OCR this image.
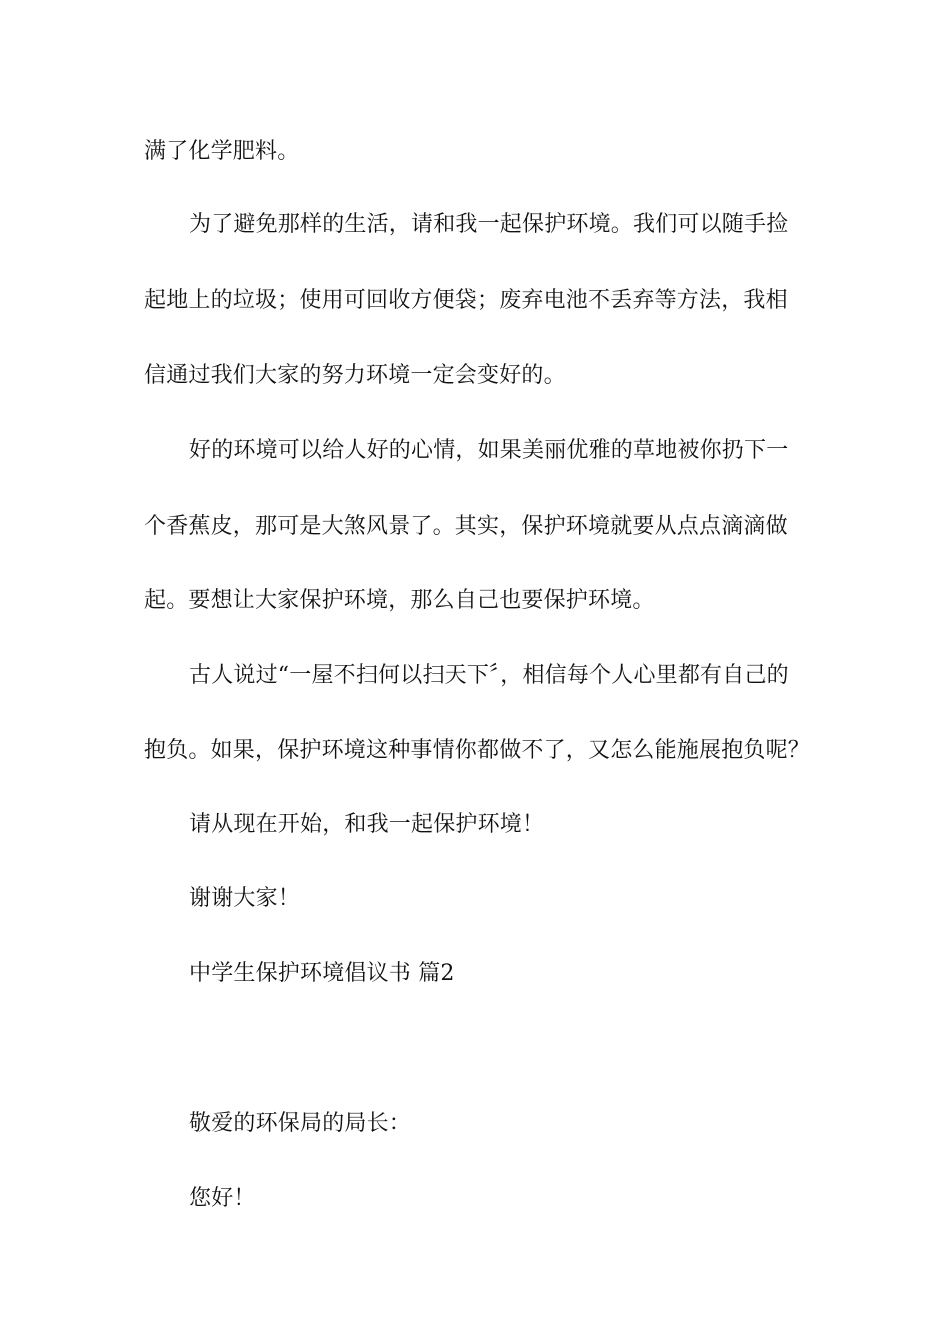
满了化学肥料。
为了避免那样的生活，请和我一起保护环境。我们可以随手捡
起地上的垃圾；使用可回收方便袋；废弃电池不丢弃等方法，我相
信通过我们大家的努力环境一定会变好的。
好的环境可以给人好的心情，如果美丽优雅的草地被你扔下一
个香蕉皮，那可是大煞风景了。其实，保护环境就要从点点滴滴做
起。要想让大家保护环境，那么自己也要保护环境。
古人说过“一屋不扫何以扫天下〞，相信每个人心里都有自己的
抱负。如果，保护环境这种事情你都做不了，又怎么能施展抱负呢？
请从现在开始，和我一起保护环境！
谢谢大家！
中学生保护环境倡议书 篇2
敬爱的环保局的局长：
您好！
